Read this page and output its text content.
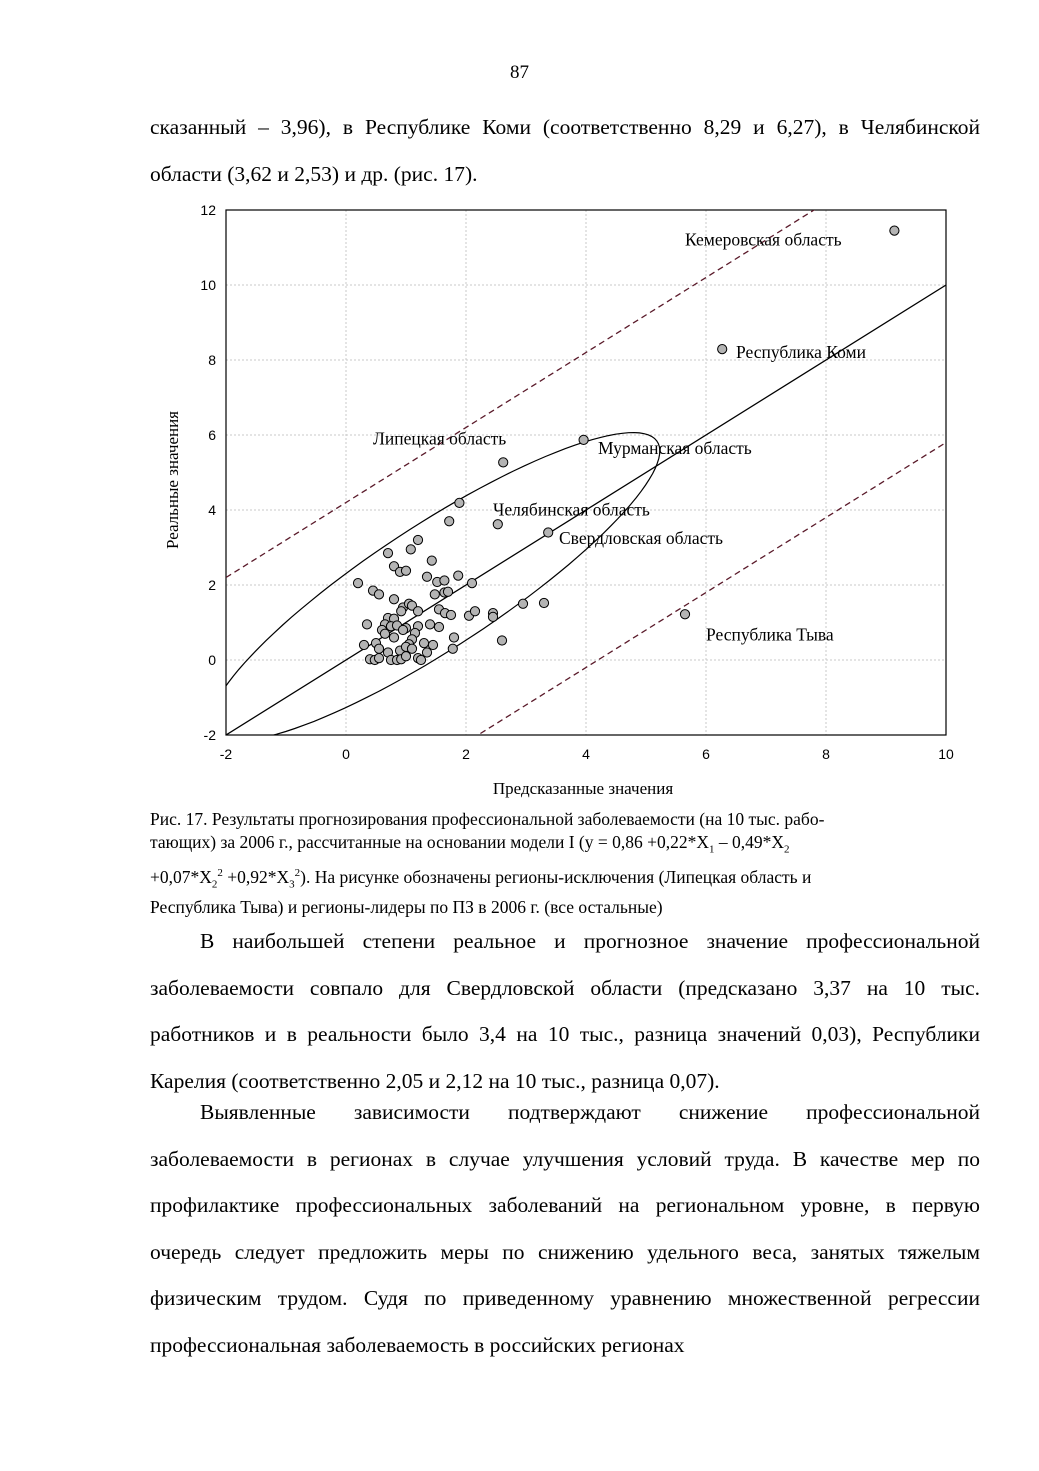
87

сказанный – 3,96), в Республике Коми (соответственно 8,29 и 6,27), в Челябинской области (3,62 и 2,53) и др. (рис. 17).

-2	0	2	4	6	8	10
-2
0
2
4
6
8
10
12
Кемеровская область
Республика Коми
Липецкая область	Мурманская область
Челябинская область
Свердловская область
Республика Тыва
Предсказанные значения
Реальные значения

Рис. 17. Результаты прогнозирования профессиональной заболеваемости (на 10 тыс. рабо-
тающих) за 2006 г., рассчитанные на основании модели I ($y = 0,86 +0,22*X_1 - 0,49*X_2$
$+0,07*X_2^2 +0,92*X_3^2$). На рисунке обозначены регионы-исключения (Липецкая область и
Республика Тыва) и регионы-лидеры по ПЗ в 2006 г. (все остальные)

В наибольшей степени реальное и прогнозное значение профессиональной заболеваемости совпало для Свердловской области (предсказано 3,37 на 10 тыс. работников и в реальности было 3,4 на 10 тыс., разница значений 0,03), Республики Карелия (соответственно 2,05 и 2,12 на 10 тыс., разница 0,07).

Выявленные зависимости подтверждают снижение профессиональной заболеваемости в регионах в случае улучшения условий труда. В качестве мер по профилактике профессиональных заболеваний на региональном уровне, в первую очередь следует предложить меры по снижению удельного веса, занятых тяжелым физическим трудом. Судя по приведенному уравнению множественной регрессии профессиональная заболеваемость в российских регионах
